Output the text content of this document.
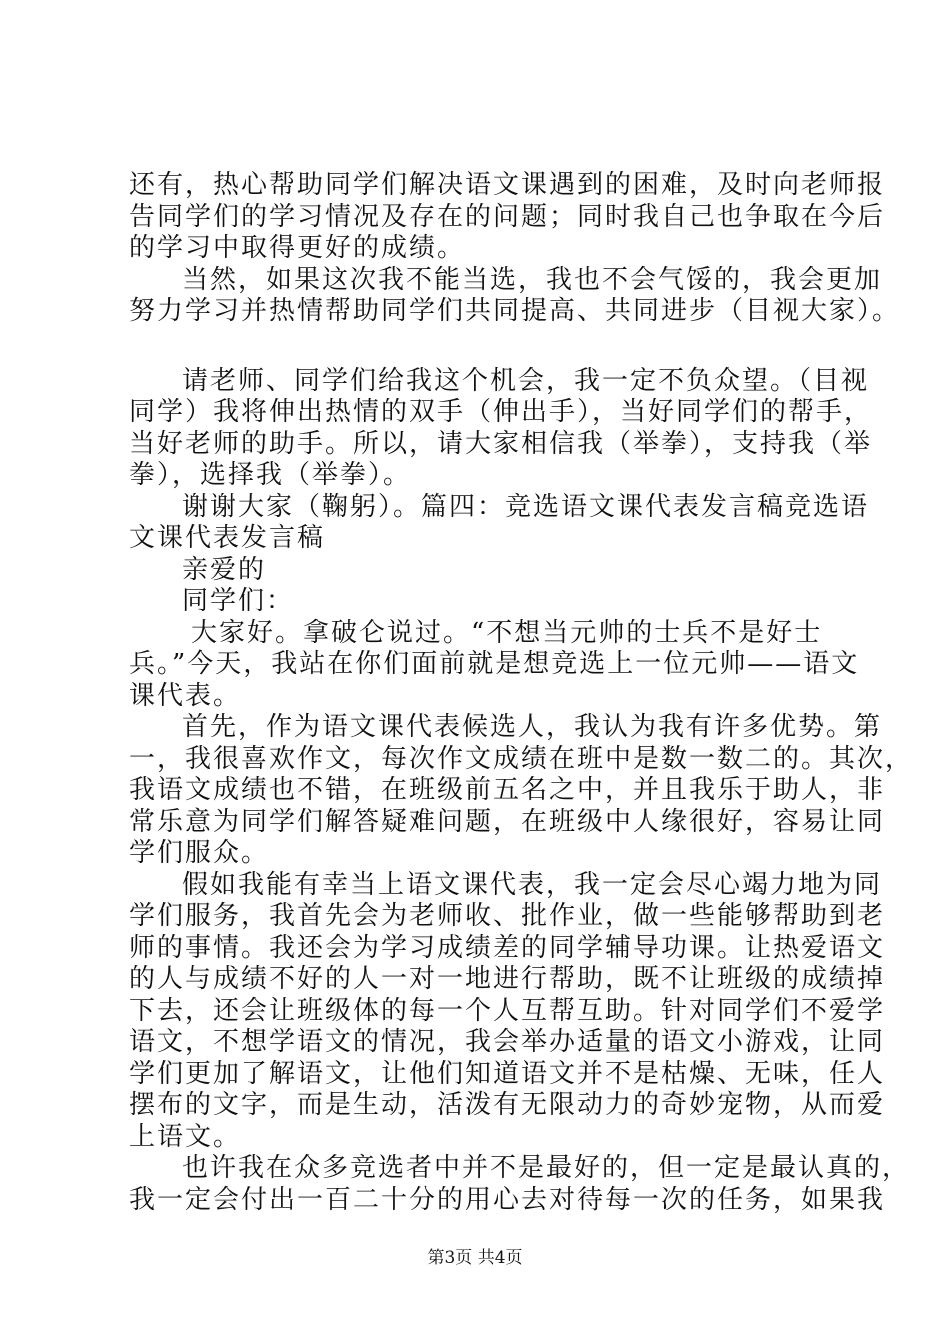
还有，热心帮助同学们解决语文课遇到的困难，及时向老师报
告同学们的学习情况及存在的问题；同时我自己也争取在今后
的学习中取得更好的成绩。
当然，如果这次我不能当选，我也不会气馁的，我会更加
努力学习并热情帮助同学们共同提高、共同进步（目视大家）。
请老师、同学们给我这个机会，我一定不负众望。（目视
同学）我将伸出热情的双手（伸出手），当好同学们的帮手，
当好老师的助手。所以，请大家相信我（举拳），支持我（举
拳），选择我（举拳）。
谢谢大家（鞠躬）。篇四：竞选语文课代表发言稿竞选语
文课代表发言稿
亲爱的
同学们：
大家好。拿破仑说过。“不想当元帅的士兵不是好士
兵。”今天，我站在你们面前就是想竞选上一位元帅——语文
课代表。
首先，作为语文课代表候选人，我认为我有许多优势。第
一，我很喜欢作文，每次作文成绩在班中是数一数二的。其次，
我语文成绩也不错，在班级前五名之中，并且我乐于助人，非
常乐意为同学们解答疑难问题，在班级中人缘很好，容易让同
学们服众。
假如我能有幸当上语文课代表，我一定会尽心竭力地为同
学们服务，我首先会为老师收、批作业，做一些能够帮助到老
师的事情。我还会为学习成绩差的同学辅导功课。让热爱语文
的人与成绩不好的人一对一地进行帮助，既不让班级的成绩掉
下去，还会让班级体的每一个人互帮互助。针对同学们不爱学
语文，不想学语文的情况，我会举办适量的语文小游戏，让同
学们更加了解语文，让他们知道语文并不是枯燥、无味，任人
摆布的文字，而是生动，活泼有无限动力的奇妙宠物，从而爱
上语文。
也许我在众多竞选者中并不是最好的，但一定是最认真的，
我一定会付出一百二十分的用心去对待每一次的任务，如果我
第3页 共4页
